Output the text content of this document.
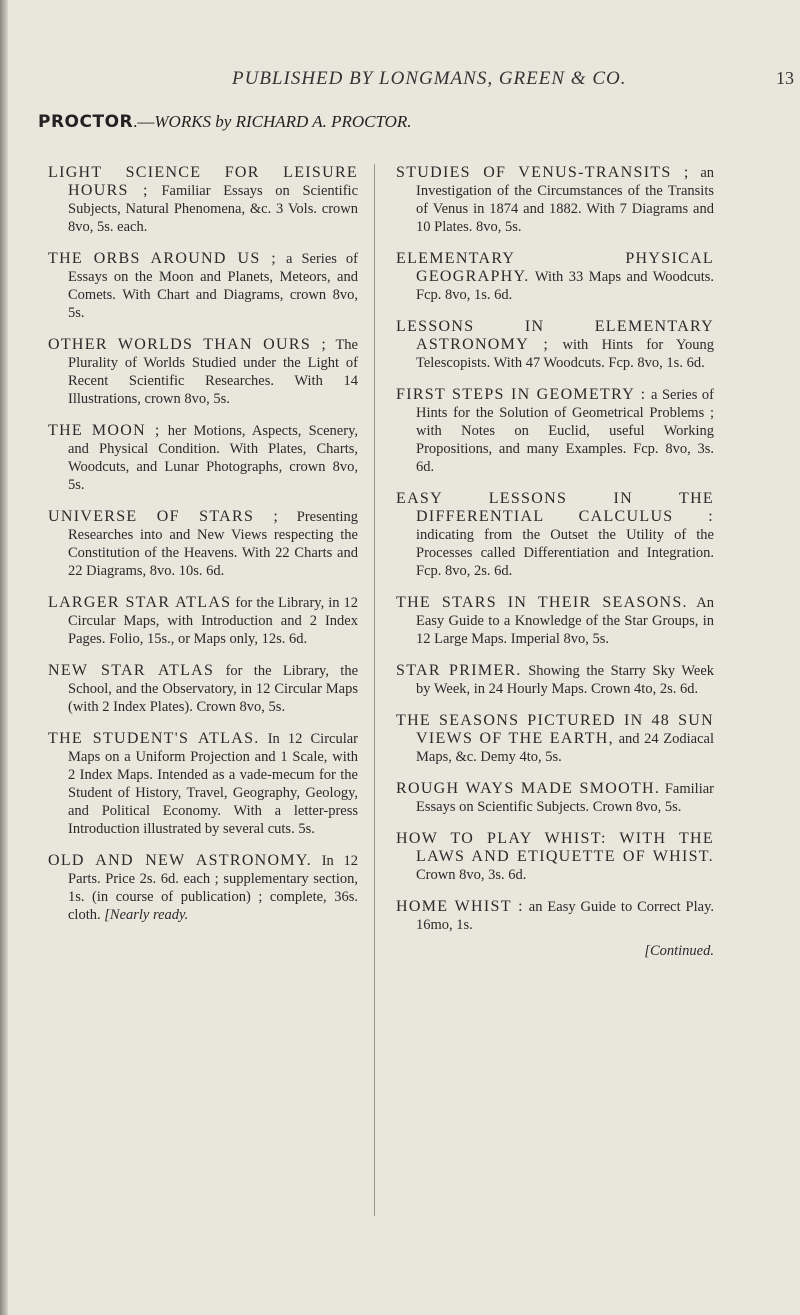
PUBLISHED BY LONGMANS, GREEN & CO.	13
PROCTOR.—WORKS by RICHARD A. PROCTOR.

LIGHT SCIENCE FOR LEISURE HOURS ; Familiar Essays on Scientific Subjects, Natural Phenomena, &c. 3 Vols. crown 8vo, 5s. each.

THE ORBS AROUND US ; a Series of Essays on the Moon and Planets, Meteors, and Comets. With Chart and Diagrams, crown 8vo, 5s.

OTHER WORLDS THAN OURS ; The Plurality of Worlds Studied under the Light of Recent Scientific Researches. With 14 Illustrations, crown 8vo, 5s.

THE MOON ; her Motions, Aspects, Scenery, and Physical Condition. With Plates, Charts, Woodcuts, and Lunar Photographs, crown 8vo, 5s.

UNIVERSE OF STARS ; Presenting Researches into and New Views respecting the Constitution of the Heavens. With 22 Charts and 22 Diagrams, 8vo. 10s. 6d.

LARGER STAR ATLAS for the Library, in 12 Circular Maps, with Introduction and 2 Index Pages. Folio, 15s., or Maps only, 12s. 6d.

NEW STAR ATLAS for the Library, the School, and the Observatory, in 12 Circular Maps (with 2 Index Plates). Crown 8vo, 5s.

THE STUDENT'S ATLAS. In 12 Circular Maps on a Uniform Projection and 1 Scale, with 2 Index Maps. Intended as a vade-mecum for the Student of History, Travel, Geography, Geology, and Political Economy. With a letter-press Introduction illustrated by several cuts. 5s.

OLD AND NEW ASTRONOMY. In 12 Parts. Price 2s. 6d. each ; supplementary section, 1s. (in course of publication) ; complete, 36s. cloth. [Nearly ready.

STUDIES OF VENUS-TRANSITS ; an Investigation of the Circumstances of the Transits of Venus in 1874 and 1882. With 7 Diagrams and 10 Plates. 8vo, 5s.

ELEMENTARY PHYSICAL GEOGRAPHY. With 33 Maps and Woodcuts. Fcp. 8vo, 1s. 6d.

LESSONS IN ELEMENTARY ASTRONOMY ; with Hints for Young Telescopists. With 47 Woodcuts. Fcp. 8vo, 1s. 6d.

FIRST STEPS IN GEOMETRY : a Series of Hints for the Solution of Geometrical Problems ; with Notes on Euclid, useful Working Propositions, and many Examples. Fcp. 8vo, 3s. 6d.

EASY LESSONS IN THE DIFFERENTIAL CALCULUS : indicating from the Outset the Utility of the Processes called Differentiation and Integration. Fcp. 8vo, 2s. 6d.

THE STARS IN THEIR SEASONS. An Easy Guide to a Knowledge of the Star Groups, in 12 Large Maps. Imperial 8vo, 5s.

STAR PRIMER. Showing the Starry Sky Week by Week, in 24 Hourly Maps. Crown 4to, 2s. 6d.

THE SEASONS PICTURED IN 48 SUN VIEWS OF THE EARTH, and 24 Zodiacal Maps, &c. Demy 4to, 5s.

ROUGH WAYS MADE SMOOTH. Familiar Essays on Scientific Subjects. Crown 8vo, 5s.

HOW TO PLAY WHIST: WITH THE LAWS AND ETIQUETTE OF WHIST. Crown 8vo, 3s. 6d.

HOME WHIST : an Easy Guide to Correct Play. 16mo, 1s.

[Continued.
